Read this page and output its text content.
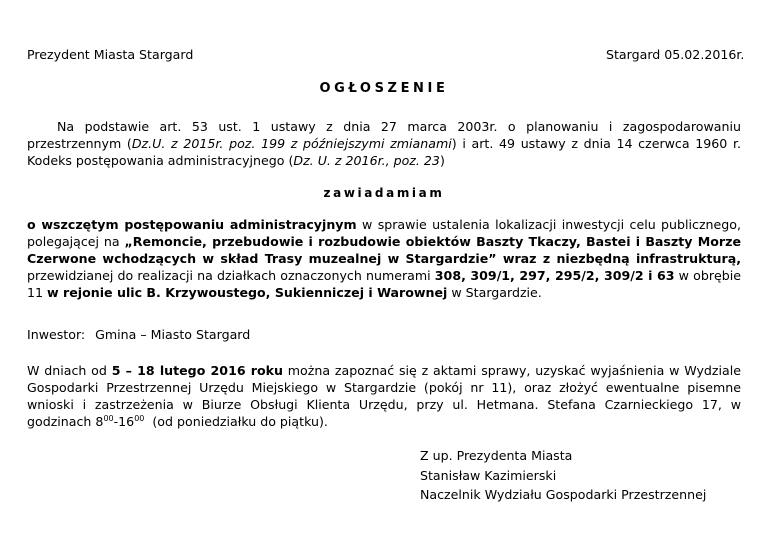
Prezydent Miasta Stargard	Stargard 05.02.2016r.
OGŁOSZENIE
Na podstawie art. 53 ust. 1 ustawy z dnia 27 marca 2003r. o planowaniu i zagospodarowaniu przestrzennym (Dz.U. z 2015r. poz. 199 z późniejszymi zmianami) i art. 49 ustawy z dnia 14 czerwca 1960 r. Kodeks postępowania administracyjnego (Dz. U. z 2016r., poz. 23)
zawiadamiam
o wszczętym postępowaniu administracyjnym w sprawie ustalenia lokalizacji inwestycji celu publicznego, polegającej na „Remoncie, przebudowie i rozbudowie obiektów Baszty Tkaczy, Bastei i Baszty Morze Czerwone wchodzących w skład Trasy muzealnej w Stargardzie” wraz z niezbędną infrastrukturą, przewidzianej do realizacji na działkach oznaczonych numerami 308, 309/1, 297, 295/2, 309/2 i 63 w obrębie 11 w rejonie ulic B. Krzywoustego, Sukienniczej i Warownej w Stargardzie.
Inwestor: Gmina – Miasto Stargard
W dniach od 5 – 18 lutego 2016 roku można zapoznać się z aktami sprawy, uzyskać wyjaśnienia w Wydziale Gospodarki Przestrzennej Urzędu Miejskiego w Stargardzie (pokój nr 11), oraz złożyć ewentualne pisemne wnioski i zastrzeżenia w Biurze Obsługi Klienta Urzędu, przy ul. Hetmana. Stefana Czarnieckiego 17, w godzinach $8^{00}-16^{00}$  (od poniedziałku do piątku).
Z up. Prezydenta Miasta
Stanisław Kazimierski
Naczelnik Wydziału Gospodarki Przestrzennej
